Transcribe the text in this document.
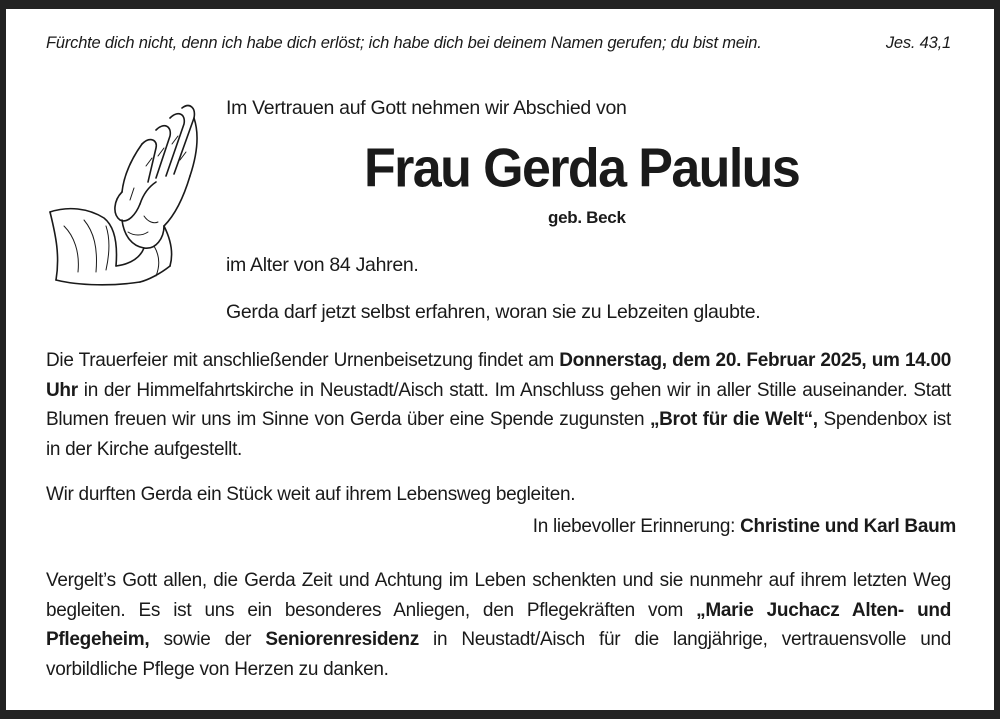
Fürchte dich nicht, denn ich habe dich erlöst; ich habe dich bei deinem Namen gerufen; du bist mein.	Jes. 43,1
Im Vertrauen auf Gott nehmen wir Abschied von
Frau Gerda Paulus
geb. Beck
im Alter von 84 Jahren.
Gerda darf jetzt selbst erfahren, woran sie zu Lebzeiten glaubte.
Die Trauerfeier mit anschließender Urnenbeisetzung findet am Donnerstag, dem 20. Februar 2025, um 14.00 Uhr in der Himmelfahrtskirche in Neustadt/Aisch statt. Im Anschluss gehen wir in aller Stille auseinander. Statt Blumen freuen wir uns im Sinne von Gerda über eine Spende zugunsten „Brot für die Welt“, Spendenbox ist in der Kirche aufgestellt.
Wir durften Gerda ein Stück weit auf ihrem Lebensweg begleiten.
In liebevoller Erinnerung: Christine und Karl Baum
Vergelt’s Gott allen, die Gerda Zeit und Achtung im Leben schenkten und sie nunmehr auf ihrem letzten Weg begleiten. Es ist uns ein besonderes Anliegen, den Pflegekräften vom „Marie Juchacz Alten- und Pflegeheim, sowie der Seniorenresidenz in Neustadt/Aisch für die langjährige, vertrauensvolle und vorbildliche Pflege von Herzen zu danken.
